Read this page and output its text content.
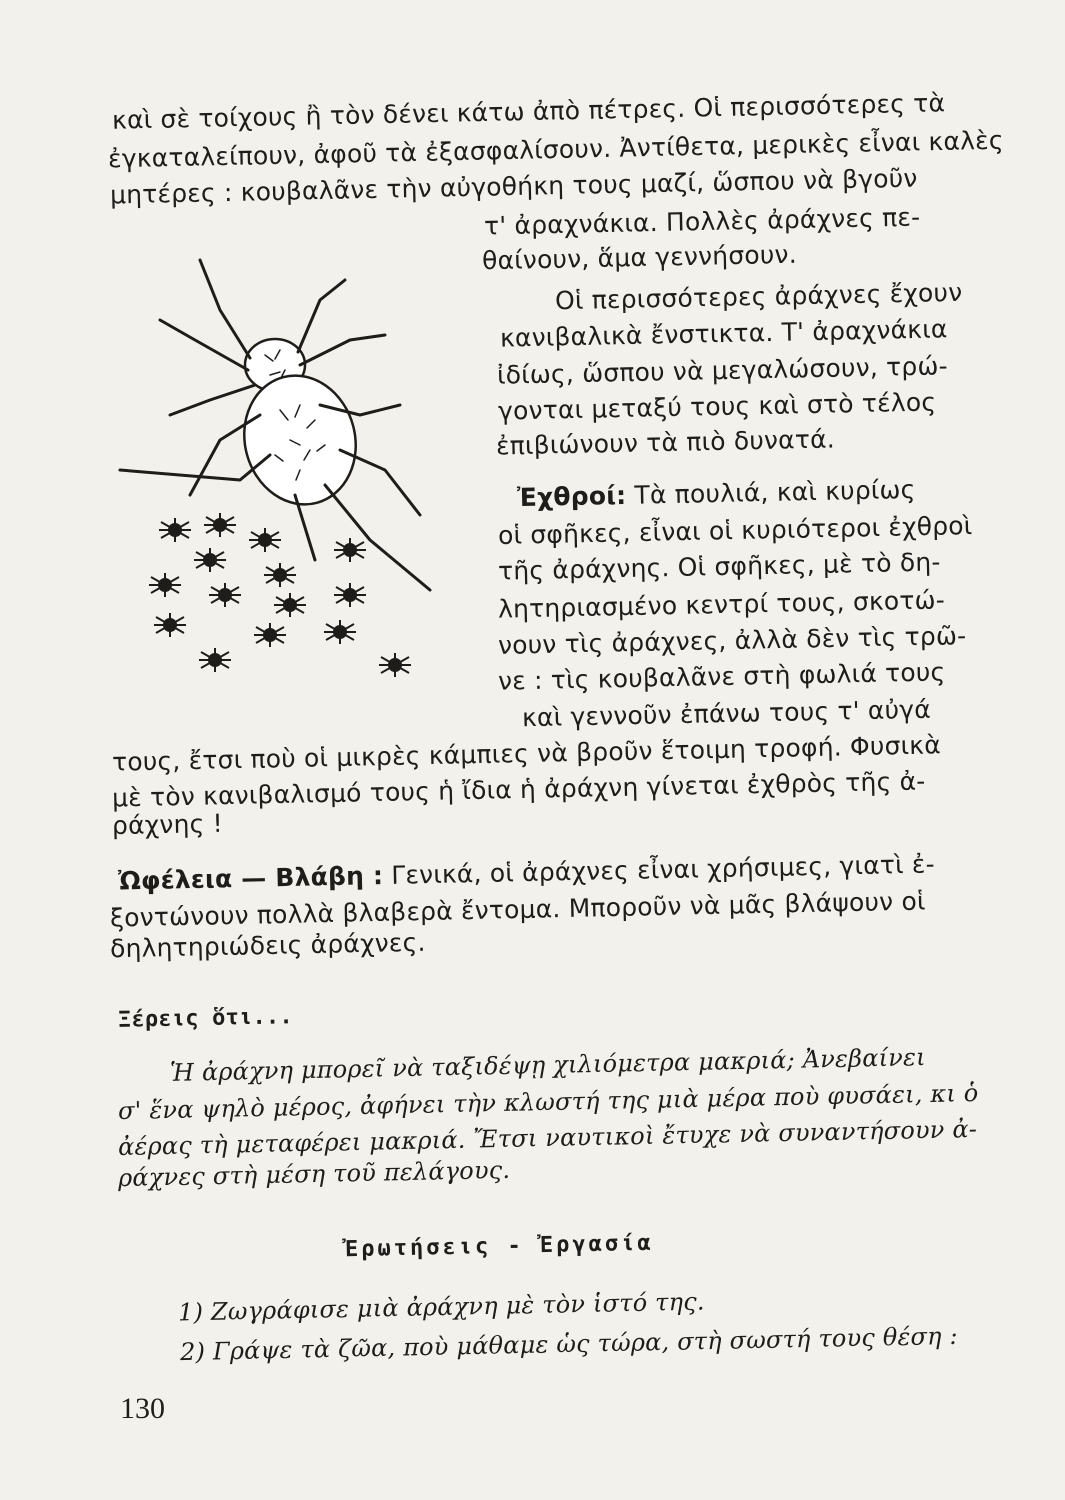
καὶ σὲ τοίχους ἢ τὸν δένει κάτω ἀπὸ πέτρες. Οἱ περισσότερες τὰ
ἐγκαταλείπουν, ἀφοῦ τὰ ἐξασφαλίσουν. Ἀντίθετα, μερικὲς εἶναι καλὲς
μητέρες : κουβαλᾶνε τὴν αὐγοθήκη τους μαζί, ὥσπου νὰ βγοῦν
τ' ἀραχνάκια. Πολλὲς ἀράχνες πε-
θαίνουν, ἅμα γεννήσουν.
Οἱ περισσότερες ἀράχνες ἔχουν
κανιβαλικὰ ἔνστικτα. Τ' ἀραχνάκια
ἰδίως, ὥσπου νὰ μεγαλώσουν, τρώ-
γονται μεταξύ τους καὶ στὸ τέλος
ἐπιβιώνουν τὰ πιὸ δυνατά.
Ἐχθροί: Τὰ πουλιά, καὶ κυρίως
οἱ σφῆκες, εἶναι οἱ κυριότεροι ἐχθροὶ
τῆς ἀράχνης. Οἱ σφῆκες, μὲ τὸ δη-
λητηριασμένο κεντρί τους, σκοτώ-
νουν τὶς ἀράχνες, ἀλλὰ δὲν τὶς τρῶ-
νε : τὶς κουβαλᾶνε στὴ φωλιά τους
καὶ γεννοῦν ἐπάνω τους τ' αὐγά
τους, ἔτσι ποὺ οἱ μικρὲς κάμπιες νὰ βροῦν ἕτοιμη τροφή. Φυσικὰ
μὲ τὸν κανιβαλισμό τους ἡ ἴδια ἡ ἀράχνη γίνεται ἐχθρὸς τῆς ἀ-
ράχνης !
Ὠφέλεια — Βλάβη : Γενικά, οἱ ἀράχνες εἶναι χρήσιμες, γιατὶ ἐ-
ξοντώνουν πολλὰ βλαβερὰ ἔντομα. Μποροῦν νὰ μᾶς βλάψουν οἱ
δηλητηριώδεις ἀράχνες.
Ξέρεις ὅτι...
Ἡ ἀράχνη μπορεῖ νὰ ταξιδέψῃ χιλιόμετρα μακριά; Ἀνεβαίνει
σ' ἕνα ψηλὸ μέρος, ἀφήνει τὴν κλωστή της μιὰ μέρα ποὺ φυσάει, κι ὁ
ἀέρας τὴ μεταφέρει μακριά. Ἔτσι ναυτικοὶ ἔτυχε νὰ συναντήσουν ἀ-
ράχνες στὴ μέση τοῦ πελάγους.
Ἐρωτήσεις - Ἐργασία
1) Ζωγράφισε μιὰ ἀράχνη μὲ τὸν ἱστό της.
2) Γράψε τὰ ζῶα, ποὺ μάθαμε ὡς τώρα, στὴ σωστή τους θέση :
130
